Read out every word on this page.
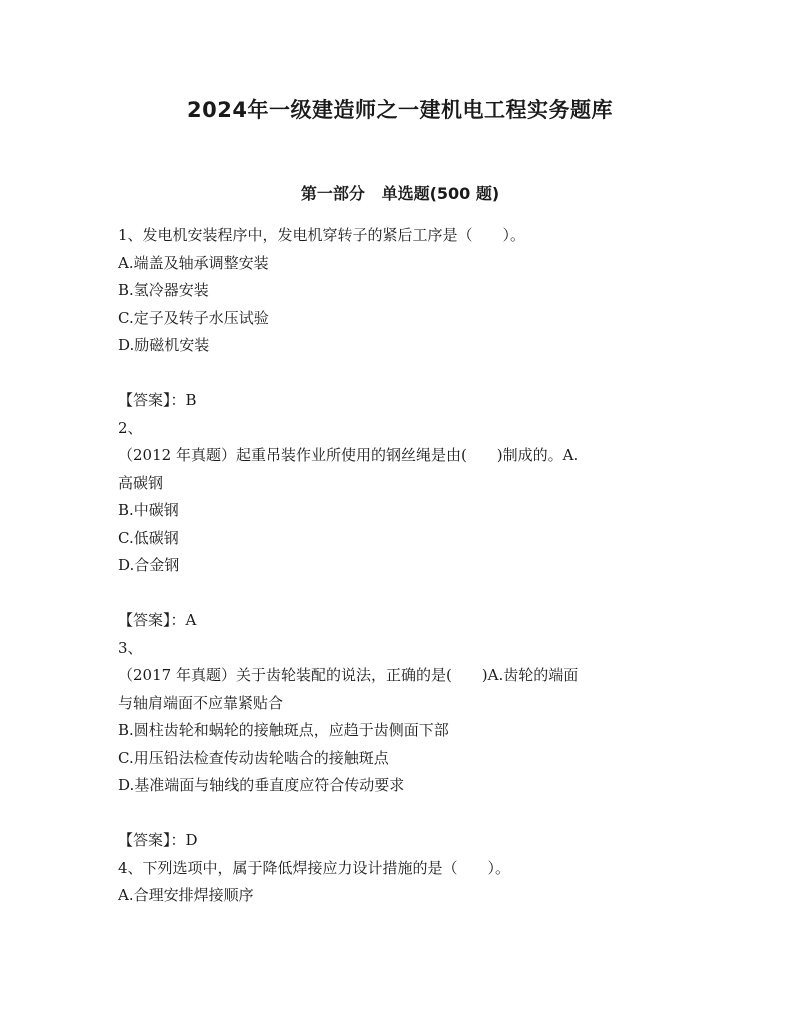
2024年一级建造师之一建机电工程实务题库
第一部分 单选题(500 题)
1、发电机安装程序中，发电机穿转子的紧后工序是（　　）。
A.端盖及轴承调整安装
B.氢冷器安装
C.定子及转子水压试验
D.励磁机安装
【答案】：B
2、
（2012 年真题）起重吊装作业所使用的钢丝绳是由(　　)制成的。A.
高碳钢
B.中碳钢
C.低碳钢
D.合金钢
【答案】：A
3、
（2017 年真题）关于齿轮装配的说法，正确的是(　　)A.齿轮的端面
与轴肩端面不应靠紧贴合
B.圆柱齿轮和蜗轮的接触斑点，应趋于齿侧面下部
C.用压铅法检查传动齿轮啮合的接触斑点
D.基准端面与轴线的垂直度应符合传动要求
【答案】：D
4、下列选项中，属于降低焊接应力设计措施的是（　　）。
A.合理安排焊接顺序
